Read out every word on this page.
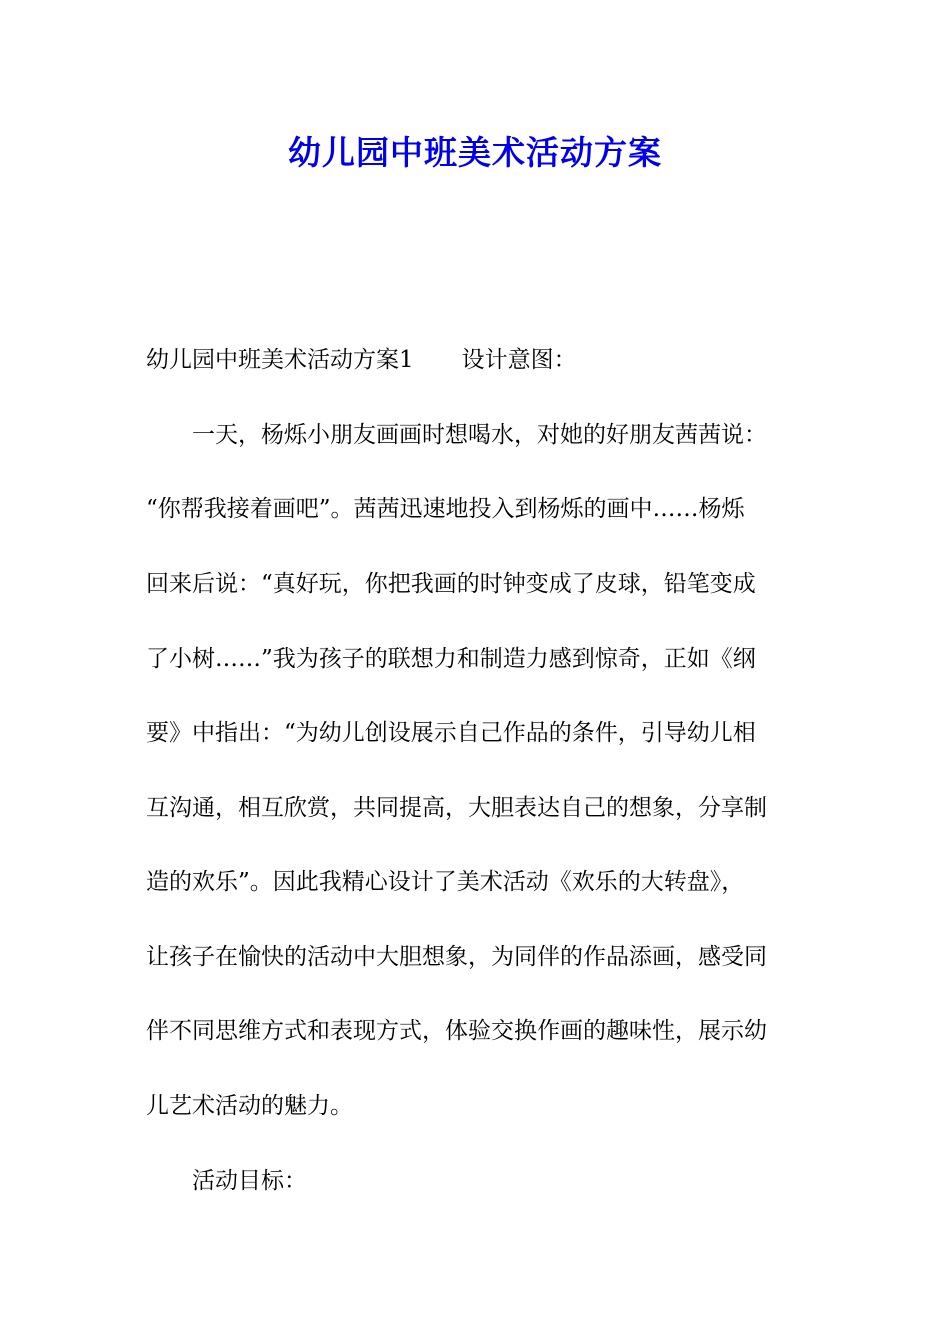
幼儿园中班美术活动方案

幼儿园中班美术活动方案1 设计意图：

一天，杨烁小朋友画画时想喝水，对她的好朋友茜茜说：

“你帮我接着画吧”。茜茜迅速地投入到杨烁的画中……杨烁

回来后说：“真好玩，你把我画的时钟变成了皮球，铅笔变成

了小树……”我为孩子的联想力和制造力感到惊奇，正如《纲

要》中指出：“为幼儿创设展示自己作品的条件，引导幼儿相

互沟通，相互欣赏，共同提高，大胆表达自己的想象，分享制

造的欢乐”。因此我精心设计了美术活动《欢乐的大转盘》，

让孩子在愉快的活动中大胆想象，为同伴的作品添画，感受同

伴不同思维方式和表现方式，体验交换作画的趣味性，展示幼

儿艺术活动的魅力。

活动目标：
